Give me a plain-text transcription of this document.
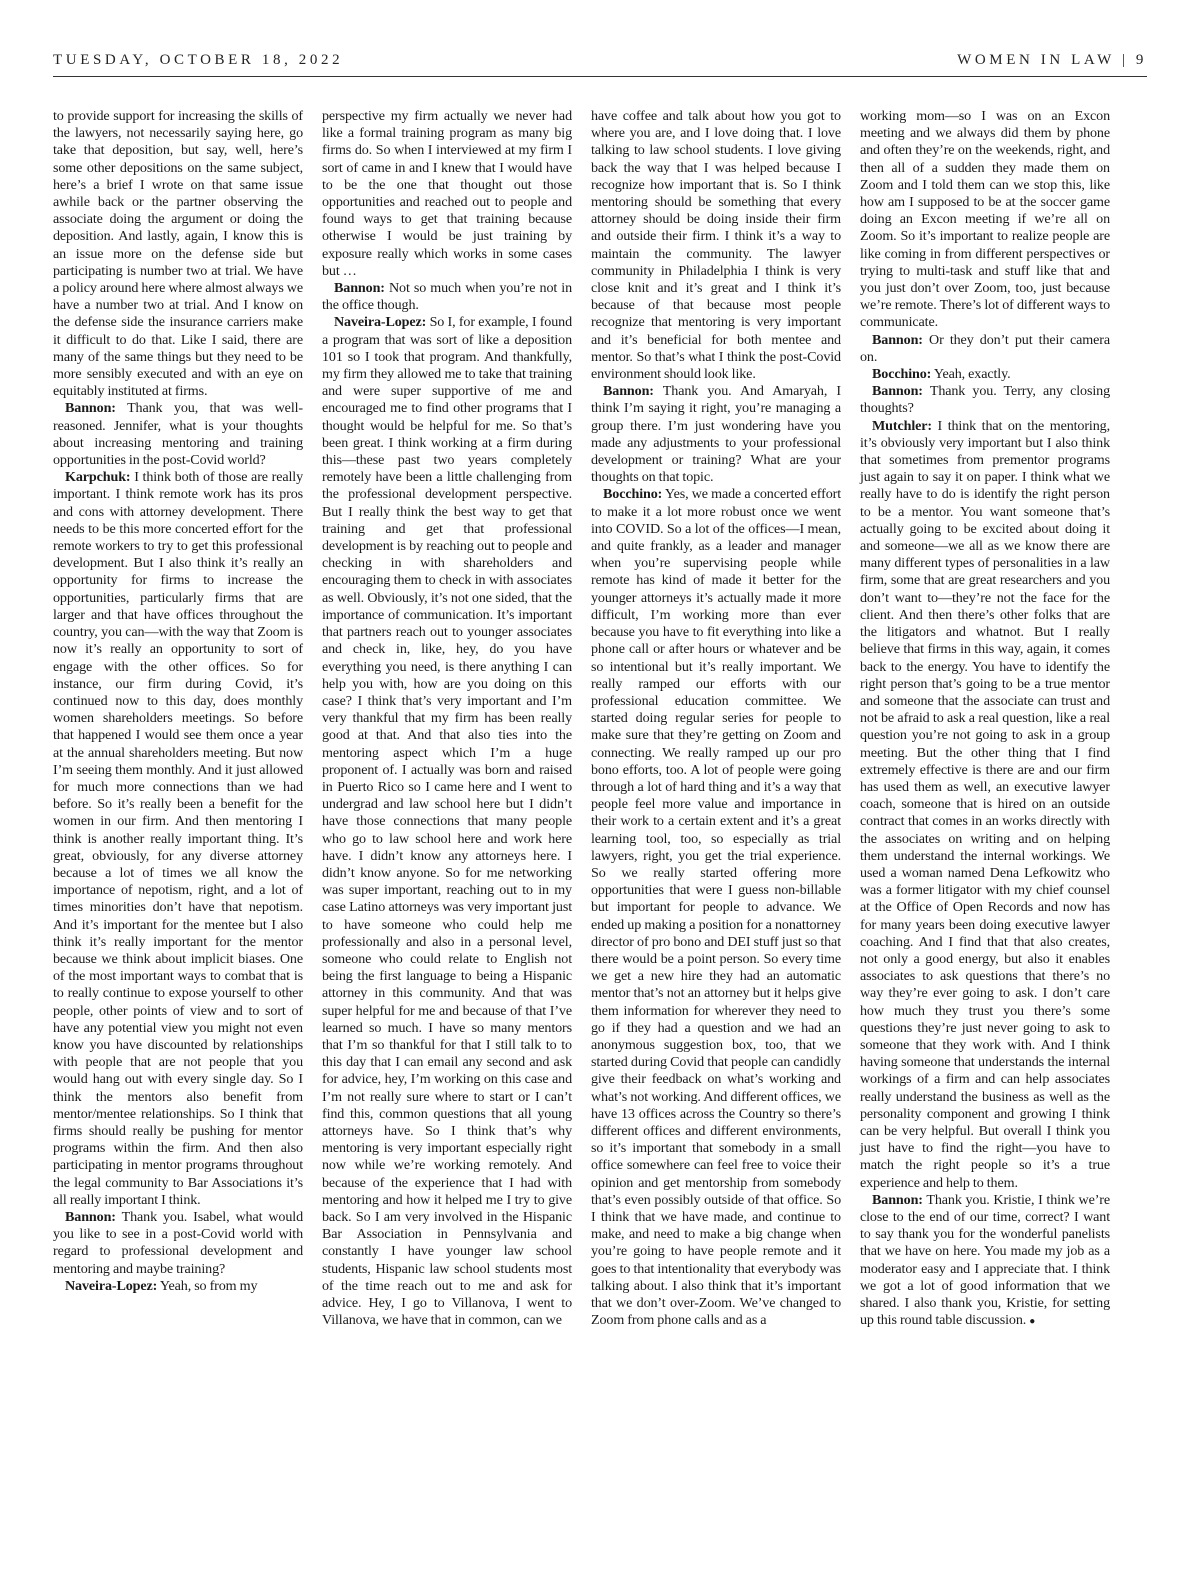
TUESDAY, OCTOBER 18, 2022	WOMEN IN LAW | 9

to provide support for increasing the skills of the lawyers, not necessarily saying here, go take that deposition, but say, well, here’s some other depositions on the same subject, here’s a brief I wrote on that same issue awhile back or the partner observing the associate doing the argument or doing the deposition. And lastly, again, I know this is an issue more on the defense side but participating is number two at trial. We have a policy around here where almost always we have a number two at trial. And I know on the defense side the insurance carriers make it difficult to do that. Like I said, there are many of the same things but they need to be more sensibly executed and with an eye on equitably instituted at firms.

Bannon: Thank you, that was well-reasoned. Jennifer, what is your thoughts about increasing mentoring and training opportunities in the post-Covid world?

Karpchuk: I think both of those are really important. I think remote work has its pros and cons with attorney development. There needs to be this more concerted effort for the remote workers to try to get this professional development. But I also think it’s really an opportunity for firms to increase the opportunities, particularly firms that are larger and that have offices throughout the country, you can—with the way that Zoom is now it’s really an opportunity to sort of engage with the other offices. So for instance, our firm during Covid, it’s continued now to this day, does monthly women shareholders meetings. So before that happened I would see them once a year at the annual shareholders meeting. But now I’m seeing them monthly. And it just allowed for much more connections than we had before. So it’s really been a benefit for the women in our firm. And then mentoring I think is another really important thing. It’s great, obviously, for any diverse attorney because a lot of times we all know the importance of nepotism, right, and a lot of times minorities don’t have that nepotism. And it’s important for the mentee but I also think it’s really important for the mentor because we think about implicit biases. One of the most important ways to combat that is to really continue to expose yourself to other people, other points of view and to sort of have any potential view you might not even know you have discounted by relationships with people that are not people that you would hang out with every single day. So I think the mentors also benefit from mentor/mentee relationships. So I think that firms should really be pushing for mentor programs within the firm. And then also participating in mentor programs throughout the legal community to Bar Associations it’s all really important I think.

Bannon: Thank you. Isabel, what would you like to see in a post-Covid world with regard to professional development and mentoring and maybe training?

Naveira-Lopez: Yeah, so from my

perspective my firm actually we never had like a formal training program as many big firms do. So when I interviewed at my firm I sort of came in and I knew that I would have to be the one that thought out those opportunities and reached out to people and found ways to get that training because otherwise I would be just training by exposure really which works in some cases but …

Bannon: Not so much when you’re not in the office though.

Naveira-Lopez: So I, for example, I found a program that was sort of like a deposition 101 so I took that program. And thankfully, my firm they allowed me to take that training and were super supportive of me and encouraged me to find other programs that I thought would be helpful for me. So that’s been great. I think working at a firm during this—these past two years completely remotely have been a little challenging from the professional development perspective. But I really think the best way to get that training and get that professional development is by reaching out to people and checking in with shareholders and encouraging them to check in with associates as well. Obviously, it’s not one sided, that the importance of communication. It’s important that partners reach out to younger associates and check in, like, hey, do you have everything you need, is there anything I can help you with, how are you doing on this case? I think that’s very important and I’m very thankful that my firm has been really good at that. And that also ties into the mentoring aspect which I’m a huge proponent of. I actually was born and raised in Puerto Rico so I came here and I went to undergrad and law school here but I didn’t have those connections that many people who go to law school here and work here have. I didn’t know any attorneys here. I didn’t know anyone. So for me networking was super important, reaching out to in my case Latino attorneys was very important just to have someone who could help me professionally and also in a personal level, someone who could relate to English not being the first language to being a Hispanic attorney in this community. And that was super helpful for me and because of that I’ve learned so much. I have so many mentors that I’m so thankful for that I still talk to to this day that I can email any second and ask for advice, hey, I’m working on this case and I’m not really sure where to start or I can’t find this, common questions that all young attorneys have. So I think that’s why mentoring is very important especially right now while we’re working remotely. And because of the experience that I had with mentoring and how it helped me I try to give back. So I am very involved in the Hispanic Bar Association in Pennsylvania and constantly I have younger law school students, Hispanic law school students most of the time reach out to me and ask for advice. Hey, I go to Villanova, I went to Villanova, we have that in common, can we

have coffee and talk about how you got to where you are, and I love doing that. I love talking to law school students. I love giving back the way that I was helped because I recognize how important that is. So I think mentoring should be something that every attorney should be doing inside their firm and outside their firm. I think it’s a way to maintain the community. The lawyer community in Philadelphia I think is very close knit and it’s great and I think it’s because of that because most people recognize that mentoring is very important and it’s beneficial for both mentee and mentor. So that’s what I think the post-Covid environment should look like.

Bannon: Thank you. And Amaryah, I think I’m saying it right, you’re managing a group there. I’m just wondering have you made any adjustments to your professional development or training? What are your thoughts on that topic.

Bocchino: Yes, we made a concerted effort to make it a lot more robust once we went into COVID. So a lot of the offices—I mean, and quite frankly, as a leader and manager when you’re supervising people while remote has kind of made it better for the younger attorneys it’s actually made it more difficult, I’m working more than ever because you have to fit everything into like a phone call or after hours or whatever and be so intentional but it’s really important. We really ramped our efforts with our professional education committee. We started doing regular series for people to make sure that they’re getting on Zoom and connecting. We really ramped up our pro bono efforts, too. A lot of people were going through a lot of hard thing and it’s a way that people feel more value and importance in their work to a certain extent and it’s a great learning tool, too, so especially as trial lawyers, right, you get the trial experience. So we really started offering more opportunities that were I guess non-billable but important for people to advance. We ended up making a position for a nonattorney director of pro bono and DEI stuff just so that there would be a point person. So every time we get a new hire they had an automatic mentor that’s not an attorney but it helps give them information for wherever they need to go if they had a question and we had an anonymous suggestion box, too, that we started during Covid that people can candidly give their feedback on what’s working and what’s not working. And different offices, we have 13 offices across the Country so there’s different offices and different environments, so it’s important that somebody in a small office somewhere can feel free to voice their opinion and get mentorship from somebody that’s even possibly outside of that office. So I think that we have made, and continue to make, and need to make a big change when you’re going to have people remote and it goes to that intentionality that everybody was talking about. I also think that it’s important that we don’t over-Zoom. We’ve changed to Zoom from phone calls and as a

working mom—so I was on an Excon meeting and we always did them by phone and often they’re on the weekends, right, and then all of a sudden they made them on Zoom and I told them can we stop this, like how am I supposed to be at the soccer game doing an Excon meeting if we’re all on Zoom. So it’s important to realize people are like coming in from different perspectives or trying to multi-task and stuff like that and you just don’t over Zoom, too, just because we’re remote. There’s lot of different ways to communicate.

Bannon: Or they don’t put their camera on.

Bocchino: Yeah, exactly.

Bannon: Thank you. Terry, any closing thoughts?

Mutchler: I think that on the mentoring, it’s obviously very important but I also think that sometimes from prementor programs just again to say it on paper. I think what we really have to do is identify the right person to be a mentor. You want someone that’s actually going to be excited about doing it and someone—we all as we know there are many different types of personalities in a law firm, some that are great researchers and you don’t want to—they’re not the face for the client. And then there’s other folks that are the litigators and whatnot. But I really believe that firms in this way, again, it comes back to the energy. You have to identify the right person that’s going to be a true mentor and someone that the associate can trust and not be afraid to ask a real question, like a real question you’re not going to ask in a group meeting. But the other thing that I find extremely effective is there are and our firm has used them as well, an executive lawyer coach, someone that is hired on an outside contract that comes in an works directly with the associates on writing and on helping them understand the internal workings. We used a woman named Dena Lefkowitz who was a former litigator with my chief counsel at the Office of Open Records and now has for many years been doing executive lawyer coaching. And I find that that also creates, not only a good energy, but also it enables associates to ask questions that there’s no way they’re ever going to ask. I don’t care how much they trust you there’s some questions they’re just never going to ask to someone that they work with. And I think having someone that understands the internal workings of a firm and can help associates really understand the business as well as the personality component and growing I think can be very helpful. But overall I think you just have to find the right—you have to match the right people so it’s a true experience and help to them.

Bannon: Thank you. Kristie, I think we’re close to the end of our time, correct? I want to say thank you for the wonderful panelists that we have on here. You made my job as a moderator easy and I appreciate that. I think we got a lot of good information that we shared. I also thank you, Kristie, for setting up this round table discussion. ●
